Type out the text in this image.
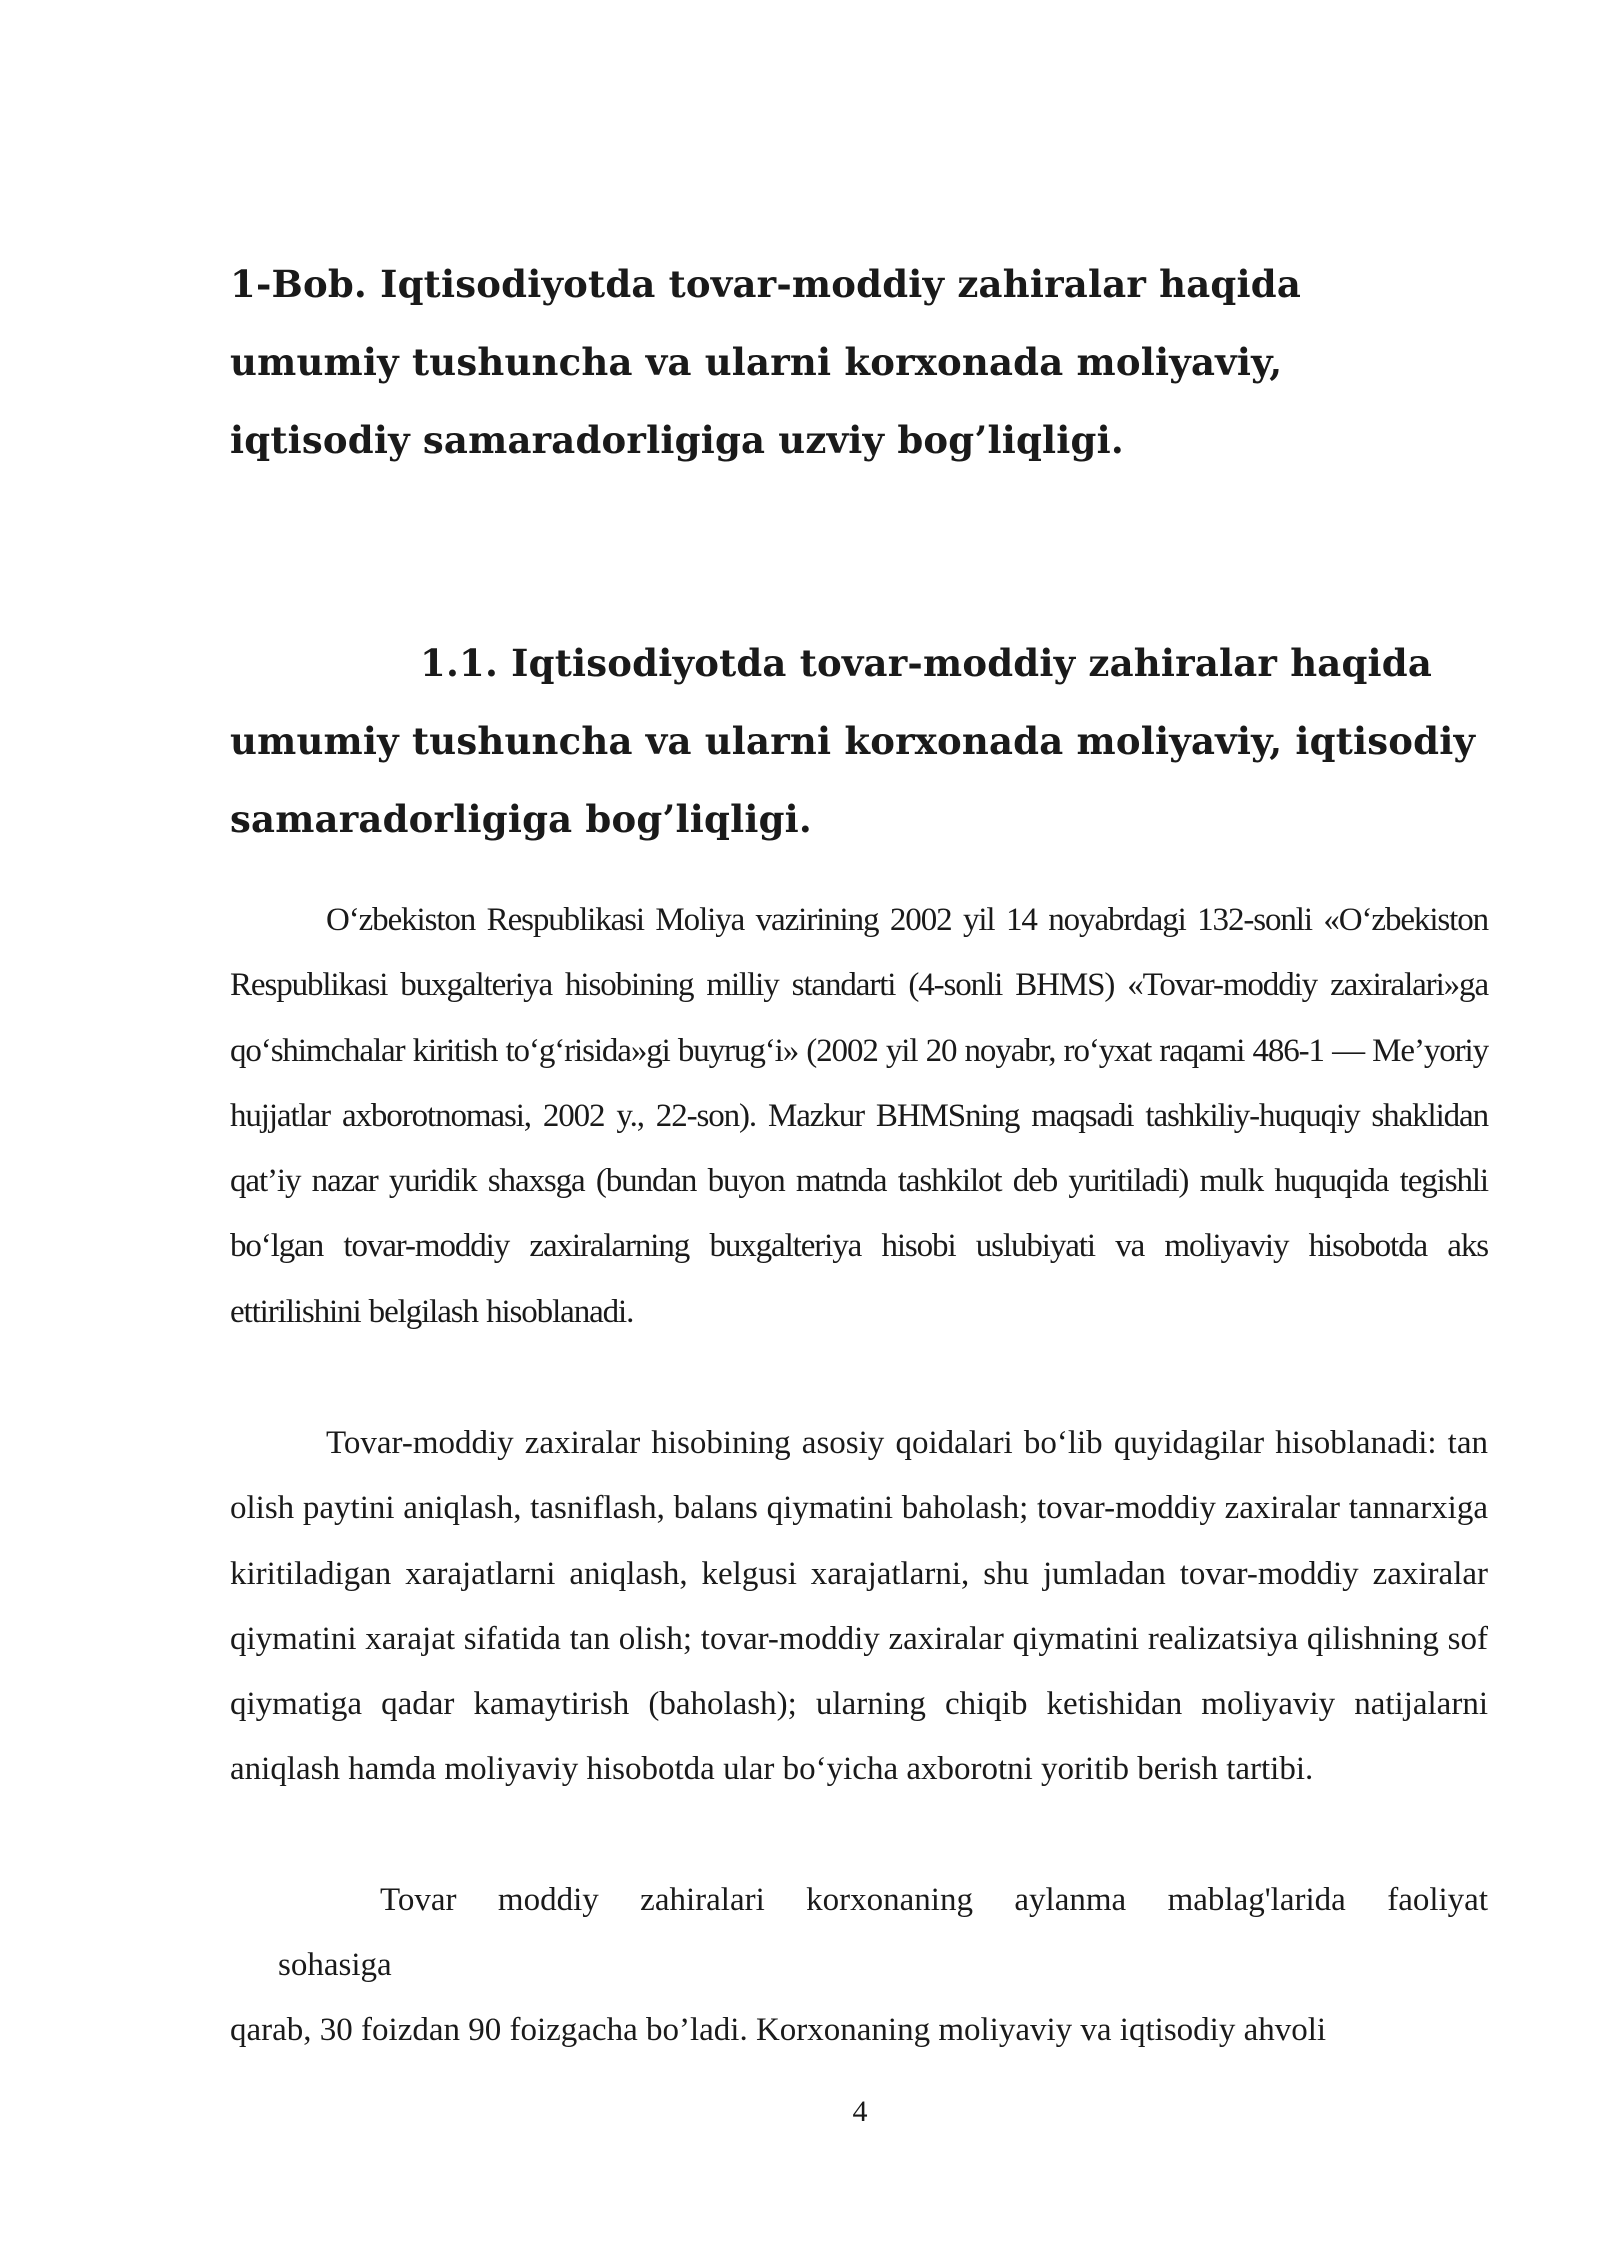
1-Bob. Iqtisodiyotda tovar-moddiy zahiralar haqida umumiy tushuncha va ularni korxonada moliyaviy, iqtisodiy samaradorligiga uzviy bog’liqligi.
1.1. Iqtisodiyotda tovar-moddiy zahiralar haqida umumiy tushuncha va ularni korxonada moliyaviy, iqtisodiy samaradorligiga bog’liqligi.

O‘zbekiston Respublikasi Moliya vazirining 2002 yil 14 noyabrdagi 132-sonli «O‘zbekiston Respublikasi buxgalteriya hisobining milliy standarti (4-sonli BHMS) «Tovar-moddiy zaxiralari»ga qo‘shimchalar kiritish to‘g‘risida»gi buyrug‘i» (2002 yil 20 noyabr, ro‘yxat raqami 486-1 — Me’yoriy hujjatlar axborotnomasi, 2002 y., 22-son). Mazkur BHMSning maqsadi tashkiliy-huquqiy shaklidan qat’iy nazar yuridik shaxsga (bundan buyon matnda tashkilot deb yuritiladi) mulk huquqida tegishli bo‘lgan tovar-moddiy zaxiralarning buxgalteriya hisobi uslubiyati va moliyaviy hisobotda aks ettirilishini belgilash hisoblanadi.

Tovar-moddiy zaxiralar hisobining asosiy qoidalari bo‘lib quyidagilar hisoblanadi: tan olish paytini aniqlash, tasniflash, balans qiymatini baholash; tovar-moddiy zaxiralar tannarxiga kiritiladigan xarajatlarni aniqlash, kelgusi xarajatlarni, shu jumladan tovar-moddiy zaxiralar qiymatini xarajat sifatida tan olish; tovar-moddiy zaxiralar qiymatini realizatsiya qilishning sof qiymatiga qadar kamaytirish (baholash); ularning chiqib ketishidan moliyaviy natijalarni aniqlash hamda moliyaviy hisobotda ular bo‘yicha axborotni yoritib berish tartibi.

Tovar moddiy zahiralari korxonaning aylanma mablag'larida faoliyat

sohasiga

qarab, 30 foizdan 90 foizgacha bo’ladi. Korxonaning moliyaviy va iqtisodiy ahvoli

4
